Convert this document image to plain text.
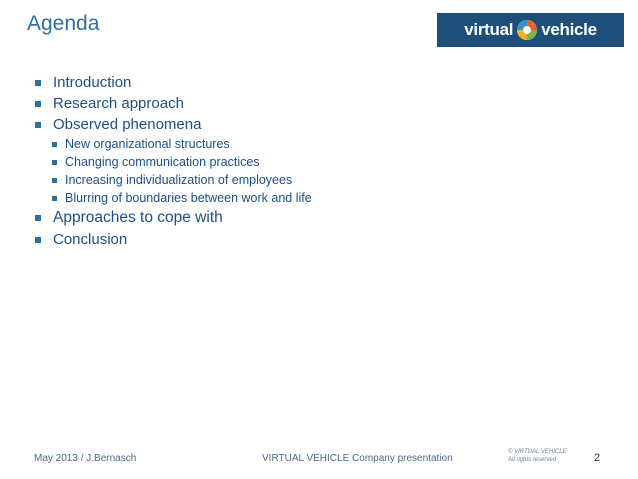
Agenda	virtual vehicle
Introduction
Research approach
Observed phenomena
New organizational structures
Changing communication practices
Increasing individualization of employees
Blurring of boundaries between work and life
Approaches to cope with
Conclusion
May 2013 / J.Bernasch	VIRTUAL VEHICLE Company presentation
© VIRTUAL VEHICLE
All rights reserved	2
